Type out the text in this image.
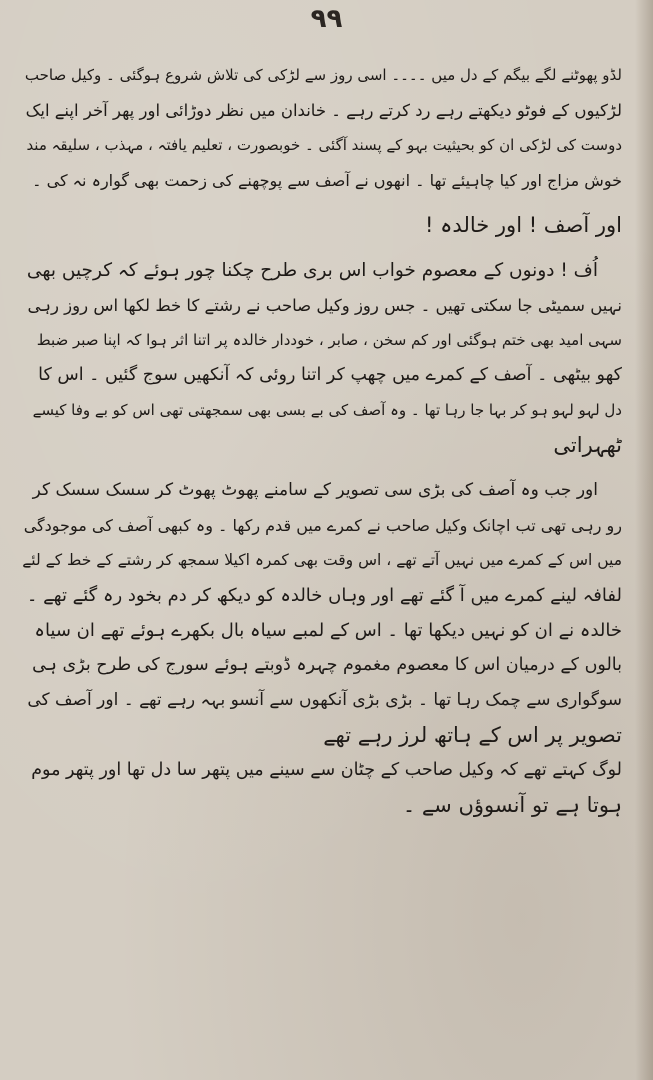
۹۹
لڈو پھوٹنے لگے بیگم کے دل میں ۔۔۔۔ اسی روز سے لڑکی کی تلاش شروع ہوگئی ۔ وکیل صاحب
لڑکیوں کے فوٹو دیکھتے رہے رد کرتے رہے ۔ خاندان میں نظر دوڑائی اور پھر آخر اپنے ایک
دوست کی لڑکی ان کو بحیثیت بہو کے پسند آگئی ۔ خوبصورت ، تعلیم یافتہ ، مہذب ، سلیقہ مند
خوش مزاج اور کیا چاہیئے تھا ۔ انھوں نے آصف سے پوچھنے کی زحمت بھی گوارہ نہ کی ۔
اور آصف ! اور خالدہ !
اُف ! دونوں کے معصوم خواب اس بری طرح چکنا چور ہوئے کہ کرچیں بھی
نہیں سمیٹی جا سکتی تھیں ۔ جس روز وکیل صاحب نے رشتے کا خط لکھا اس روز رہی
سہی امید بھی ختم ہوگئی اور کم سخن ، صابر ، خوددار خالدہ پر اتنا اثر ہوا کہ اپنا صبر ضبط
کھو بیٹھی ۔ آصف کے کمرے میں چھپ کر اتنا روئی کہ آنکھیں سوج گئیں ۔ اس کا
دل لہو لہو ہو کر بہا جا رہا تھا ۔ وہ آصف کی بے بسی بھی سمجھتی تھی اس کو بے وفا کیسے
ٹھہراتی
اور جب وہ آصف کی بڑی سی تصویر کے سامنے پھوٹ پھوٹ کر سسک سسک کر
رو رہی تھی تب اچانک وکیل صاحب نے کمرے میں قدم رکھا ۔ وہ کبھی آصف کی موجودگی
میں اس کے کمرے میں نہیں آتے تھے ، اس وقت بھی کمرہ اکیلا سمجھ کر رشتے کے خط کے لئے
لفافہ لینے کمرے میں آ گئے تھے اور وہاں خالدہ کو دیکھ کر دم بخود رہ گئے تھے ۔
خالدہ نے ان کو نہیں دیکھا تھا ۔ اس کے لمبے سیاہ بال بکھرے ہوئے تھے ان سیاہ
بالوں کے درمیان اس کا معصوم مغموم چہرہ ڈوبتے ہوئے سورج کی طرح بڑی ہی
سوگواری سے چمک رہا تھا ۔ بڑی بڑی آنکھوں سے آنسو بہہ رہے تھے ۔ اور آصف کی
تصویر پر اس کے ہاتھ لرز رہے تھے
لوگ کہتے تھے کہ وکیل صاحب کے چٹان سے سینے میں پتھر سا دل تھا اور پتھر موم
ہوتا ہے تو آنسوؤں سے ۔
